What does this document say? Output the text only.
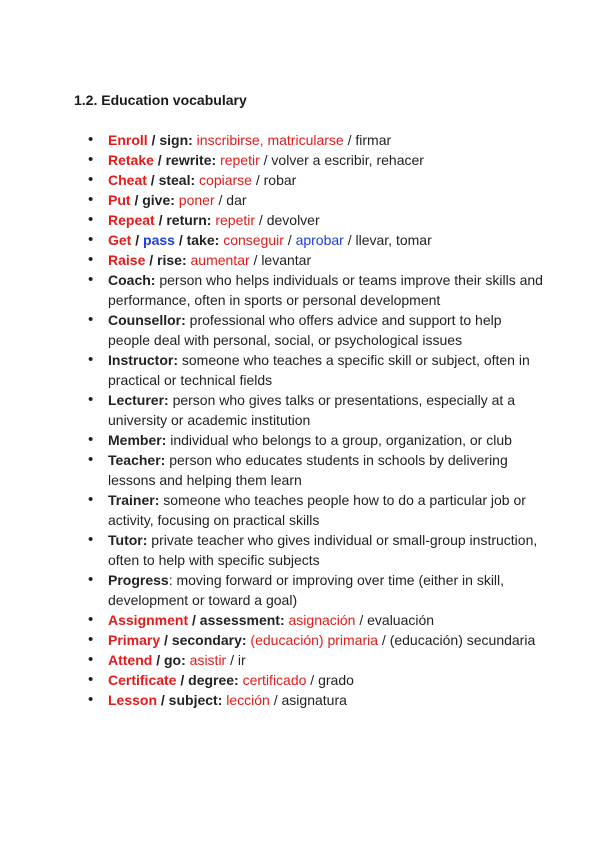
1.2. Education vocabulary
• Enroll / sign: inscribirse, matricularse / firmar
• Retake / rewrite: repetir / volver a escribir, rehacer
• Cheat / steal: copiarse / robar
• Put / give: poner / dar
• Repeat / return: repetir / devolver
• Get / pass / take: conseguir / aprobar / llevar, tomar
• Raise / rise: aumentar / levantar
• Coach: person who helps individuals or teams improve their skills and performance, often in sports or personal development
• Counsellor: professional who offers advice and support to help people deal with personal, social, or psychological issues
• Instructor: someone who teaches a specific skill or subject, often in practical or technical fields
• Lecturer: person who gives talks or presentations, especially at a university or academic institution
• Member: individual who belongs to a group, organization, or club
• Teacher: person who educates students in schools by delivering lessons and helping them learn
• Trainer: someone who teaches people how to do a particular job or activity, focusing on practical skills
• Tutor: private teacher who gives individual or small-group instruction, often to help with specific subjects
• Progress: moving forward or improving over time (either in skill, development or toward a goal)
• Assignment / assessment: asignación / evaluación
• Primary / secondary: (educación) primaria / (educación) secundaria
• Attend / go: asistir / ir
• Certificate / degree: certificado / grado
• Lesson / subject: lección / asignatura
